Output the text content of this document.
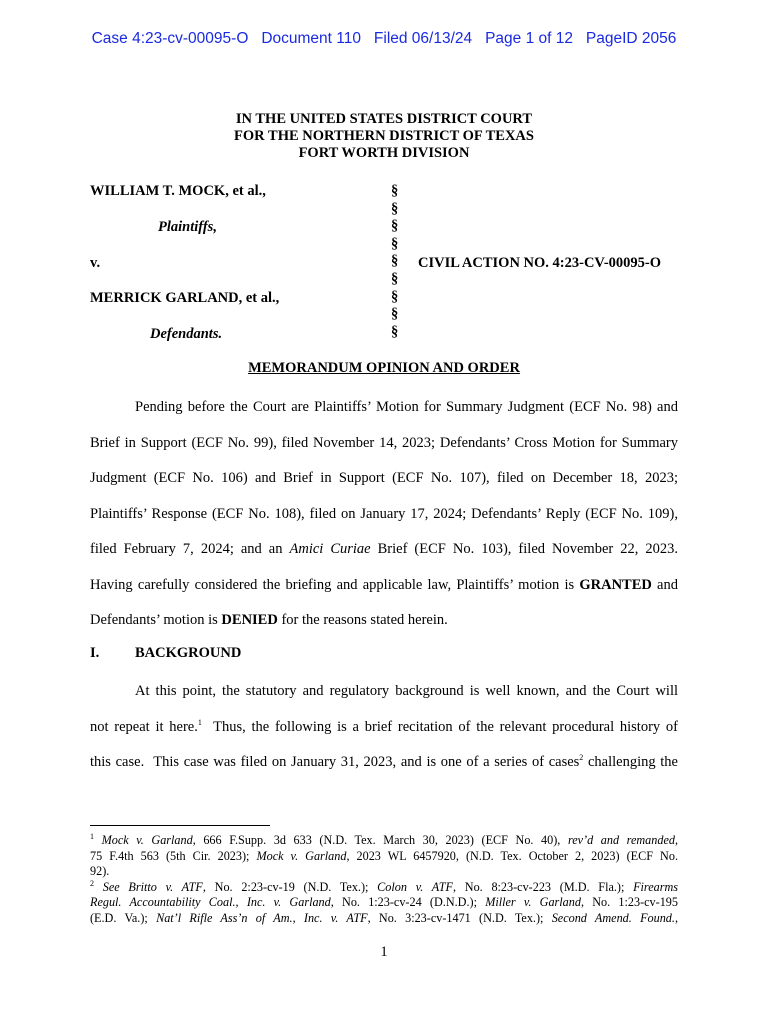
Case 4:23-cv-00095-O Document 110 Filed 06/13/24 Page 1 of 12 PageID 2056
IN THE UNITED STATES DISTRICT COURT
FOR THE NORTHERN DISTRICT OF TEXAS
FORT WORTH DIVISION
WILLIAM T. MOCK, et al.,
Plaintiffs,
v.
MERRICK GARLAND, et al.,
Defendants.
§
§
§
§
§
§
§
§
§
CIVIL ACTION NO. 4:23-CV-00095-O
MEMORANDUM OPINION AND ORDER
Pending before the Court are Plaintiffs’ Motion for Summary Judgment (ECF No. 98) and
Brief in Support (ECF No. 99), filed November 14, 2023; Defendants’ Cross Motion for Summary
Judgment (ECF No. 106) and Brief in Support (ECF No. 107), filed on December 18, 2023;
Plaintiffs’ Response (ECF No. 108), filed on January 17, 2024; Defendants’ Reply (ECF No. 109),
filed February 7, 2024; and an Amici Curiae Brief (ECF No. 103), filed November 22, 2023.
Having carefully considered the briefing and applicable law, Plaintiffs’ motion is GRANTED and
Defendants’ motion is DENIED for the reasons stated herein.
I. BACKGROUND
At this point, the statutory and regulatory background is well known, and the Court will
not repeat it here.$^1$  Thus, the following is a brief recitation of the relevant procedural history of
this case.  This case was filed on January 31, 2023, and is one of a series of cases$^2$ challenging the
$^1$ Mock v. Garland, 666 F.Supp. 3d 633 (N.D. Tex. March 30, 2023) (ECF No. 40), rev’d and remanded,
75 F.4th 563 (5th Cir. 2023); Mock v. Garland, 2023 WL 6457920, (N.D. Tex. October 2, 2023) (ECF No.
92).
$^2$ See Britto v. ATF, No. 2:23-cv-19 (N.D. Tex.); Colon v. ATF, No. 8:23-cv-223 (M.D. Fla.); Firearms
Regul. Accountability Coal., Inc. v. Garland, No. 1:23-cv-24 (D.N.D.); Miller v. Garland, No. 1:23-cv-195
(E.D. Va.); Nat’l Rifle Ass’n of Am., Inc. v. ATF, No. 3:23-cv-1471 (N.D. Tex.); Second Amend. Found.,
1
